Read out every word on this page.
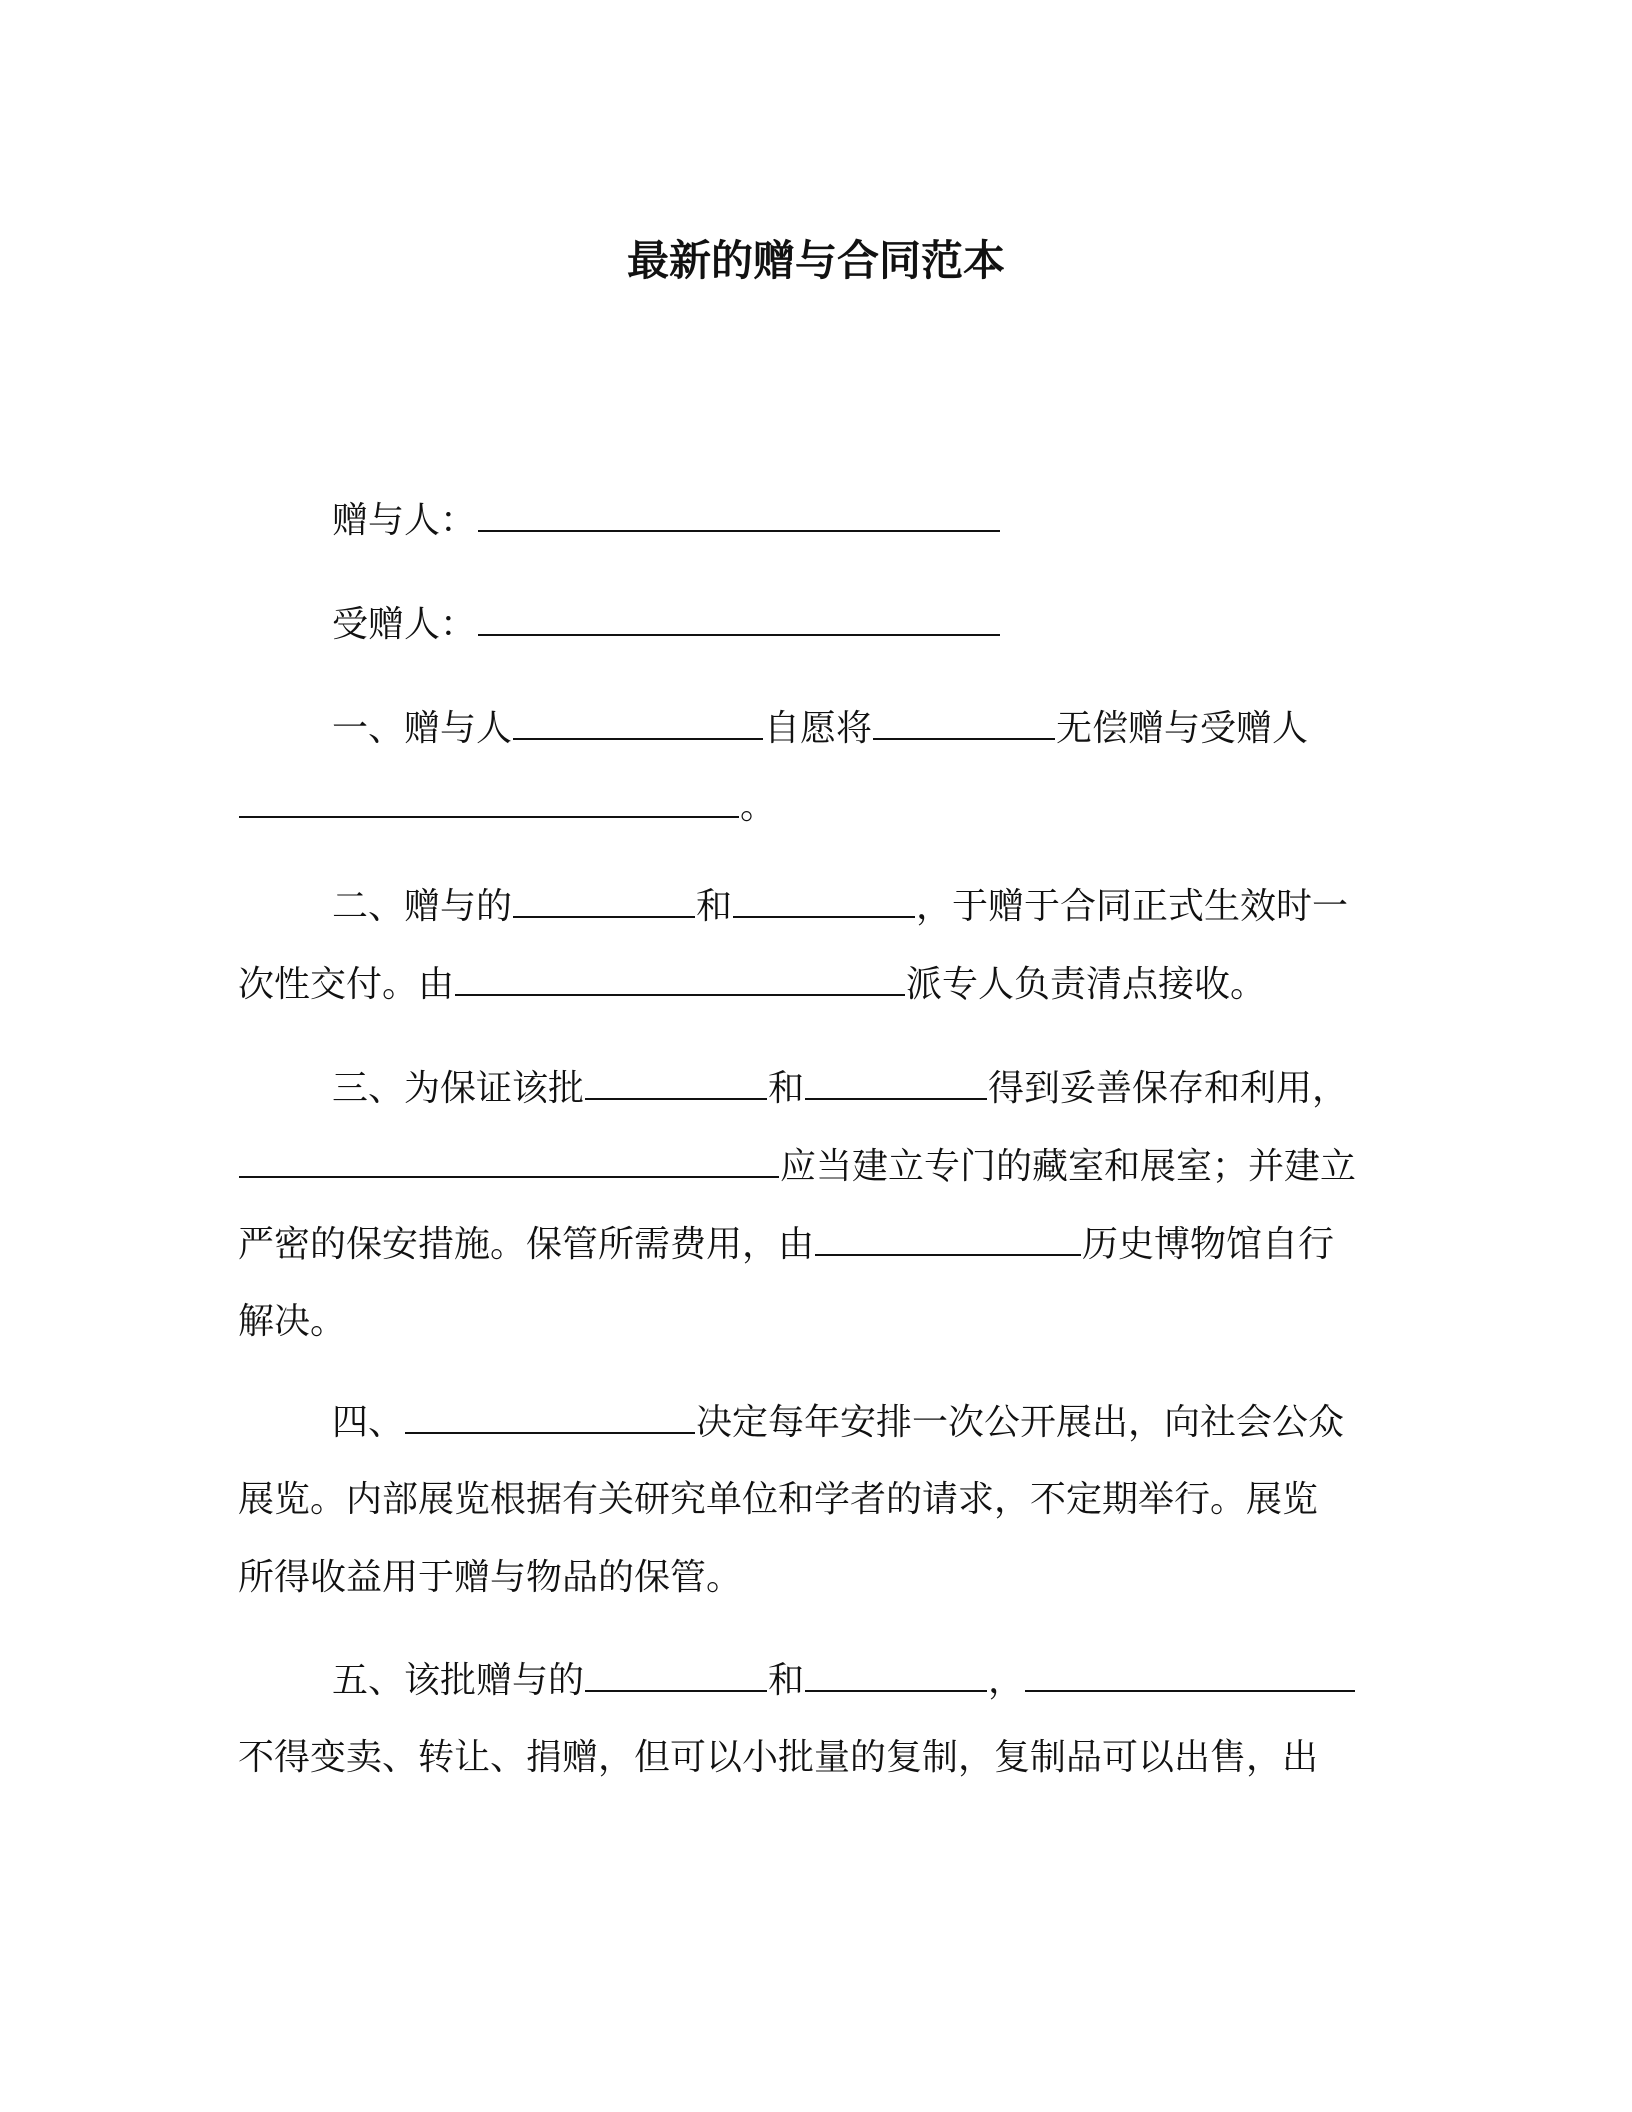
最新的赠与合同范本
赠与人：
受赠人：
一、赠与人	自愿将	无偿赠与受赠人
。
二、赠与的	和	，于赠于合同正式生效时一
次性交付。由	派专人负责清点接收。
三、为保证该批	和	得到妥善保存和利用，
应当建立专门的藏室和展室；并建立
严密的保安措施。保管所需费用，由	历史博物馆自行
解决。
四、	决定每年安排一次公开展出，向社会公众
展览。内部展览根据有关研究单位和学者的请求，不定期举行。展览
所得收益用于赠与物品的保管。
五、该批赠与的	和	，
不得变卖、转让、捐赠，但可以小批量的复制，复制品可以出售，出
